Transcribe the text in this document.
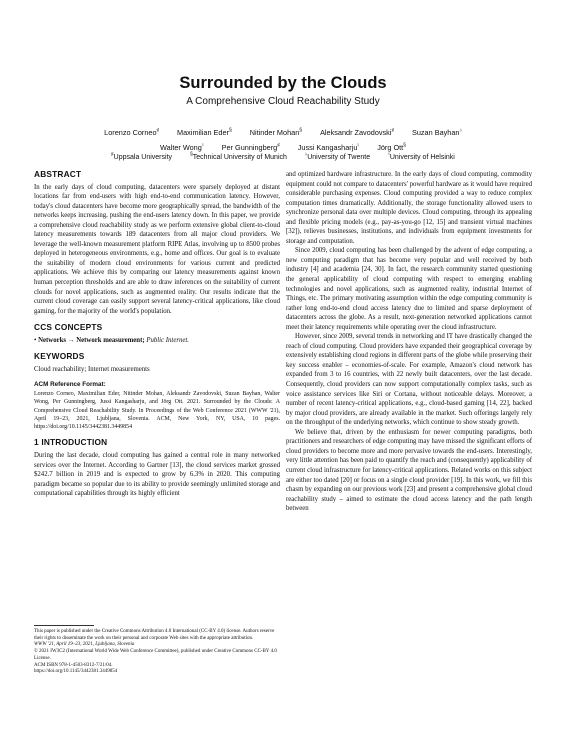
Surrounded by the Clouds
A Comprehensive Cloud Reachability Study
Lorenzo Corneo♯ Maximilian Eder§ Nitinder Mohan§ Aleksandr Zavodovski♯ Suzan Bayhan♭
Walter Wong♮ Per Gunningberg♯ Jussi Kangasharju♮ Jörg Ott§
♯Uppsala University	§Technical University of Munich	♭University of Twente	♮University of Helsinki
ABSTRACT

In the early days of cloud computing, datacenters were sparsely deployed at distant locations far from end-users with high end-to-end communication latency. However, today's cloud datacenters have become more geographically spread, the bandwidth of the networks keeps increasing, pushing the end-users latency down. In this paper, we provide a comprehensive cloud reachability study as we perform extensive global client-to-cloud latency measurements towards 189 datacenters from all major cloud providers. We leverage the well-known measurement platform RIPE Atlas, involving up to 8500 probes deployed in heterogeneous environments, e.g., home and offices. Our goal is to evaluate the suitability of modern cloud environments for various current and predicted applications. We achieve this by comparing our latency measurements against known human perception thresholds and are able to draw inferences on the suitability of current clouds for novel applications, such as augmented reality. Our results indicate that the current cloud coverage can easily support several latency-critical applications, like cloud gaming, for the majority of the world's population.

CCS CONCEPTS
• Networks → Network measurement; Public Internet.
KEYWORDS

Cloud reachability; Internet measurements

ACM Reference Format:

Lorenzo Corneo, Maximilian Eder, Nitinder Mohan, Aleksandr Zavodovski, Suzan Bayhan, Walter Wong, Per Gunningberg, Jussi Kangasharju, and Jörg Ott. 2021. Surrounded by the Clouds: A Comprehensive Cloud Reachability Study. In Proceedings of the Web Conference 2021 (WWW '21), April 19–23, 2021, Ljubljana, Slovenia. ACM, New York, NY, USA, 10 pages. https://doi.org/10.1145/3442381.3449854

1 INTRODUCTION

During the last decade, cloud computing has gained a central role in many networked services over the Internet. According to Gartner [13], the cloud services market grossed $242.7 billion in 2019 and is expected to grow by 6.3% in 2020. This computing paradigm became so popular due to its ability to provide seemingly unlimited storage and computational capabilities through its highly efficient

This paper is published under the Creative Commons Attribution 4.0 International (CC-BY 4.0) license. Authors reserve their rights to disseminate the work on their personal and corporate Web sites with the appropriate attribution.
WWW '21, April 19–23, 2021, Ljubljana, Slovenia
© 2021 IW3C2 (International World Wide Web Conference Committee), published under Creative Commons CC-BY 4.0 License.
ACM ISBN 978-1-4503-8312-7/21/04.
https://doi.org/10.1145/3442381.3449854

and optimized hardware infrastructure. In the early days of cloud computing, commodity equipment could not compare to datacenters' powerful hardware as it would have required considerable purchasing expenses. Cloud computing provided a way to reduce complex computation times dramatically. Additionally, the storage functionality allowed users to synchronize personal data over multiple devices. Cloud computing, through its appealing and flexible pricing models (e.g., pay-as-you-go [12, 15] and transient virtual machines [32]), relieves businesses, institutions, and individuals from equipment investments for storage and computation.

Since 2009, cloud computing has been challenged by the advent of edge computing, a new computing paradigm that has become very popular and well received by both industry [4] and academia [24, 30]. In fact, the research community started questioning the general applicability of cloud computing with respect to emerging enabling technologies and novel applications, such as augmented reality, industrial Internet of Things, etc. The primary motivating assumption within the edge computing community is rather long end-to-end cloud access latency due to limited and sparse deployment of datacenters across the globe. As a result, next-generation networked applications cannot meet their latency requirements while operating over the cloud infrastructure.

However, since 2009, several trends in networking and IT have drastically changed the reach of cloud computing. Cloud providers have expanded their geographical coverage by extensively establishing cloud regions in different parts of the globe while preserving their key success enabler – economies-of-scale. For example, Amazon's cloud network has expanded from 3 to 16 countries, with 22 newly built datacenters, over the last decade. Consequently, cloud providers can now support computationally complex tasks, such as voice assistance services like Siri or Cortana, without noticeable delays. Moreover, a number of recent latency-critical applications, e.g., cloud-based gaming [14, 22], backed by major cloud providers, are already available in the market. Such offerings largely rely on the throughput of the underlying networks, which continue to show steady growth.

We believe that, driven by the enthusiasm for newer computing paradigms, both practitioners and researchers of edge computing may have missed the significant efforts of cloud providers to become more and more pervasive towards the end-users. Interestingly, very little attention has been paid to quantify the reach and (consequently) applicability of current cloud infrastructure for latency-critical applications. Related works on this subject are either too dated [20] or focus on a single cloud provider [19]. In this work, we fill this chasm by expanding on our previous work [23] and present a comprehensive global cloud reachability study – aimed to estimate the cloud access latency and the path length between
